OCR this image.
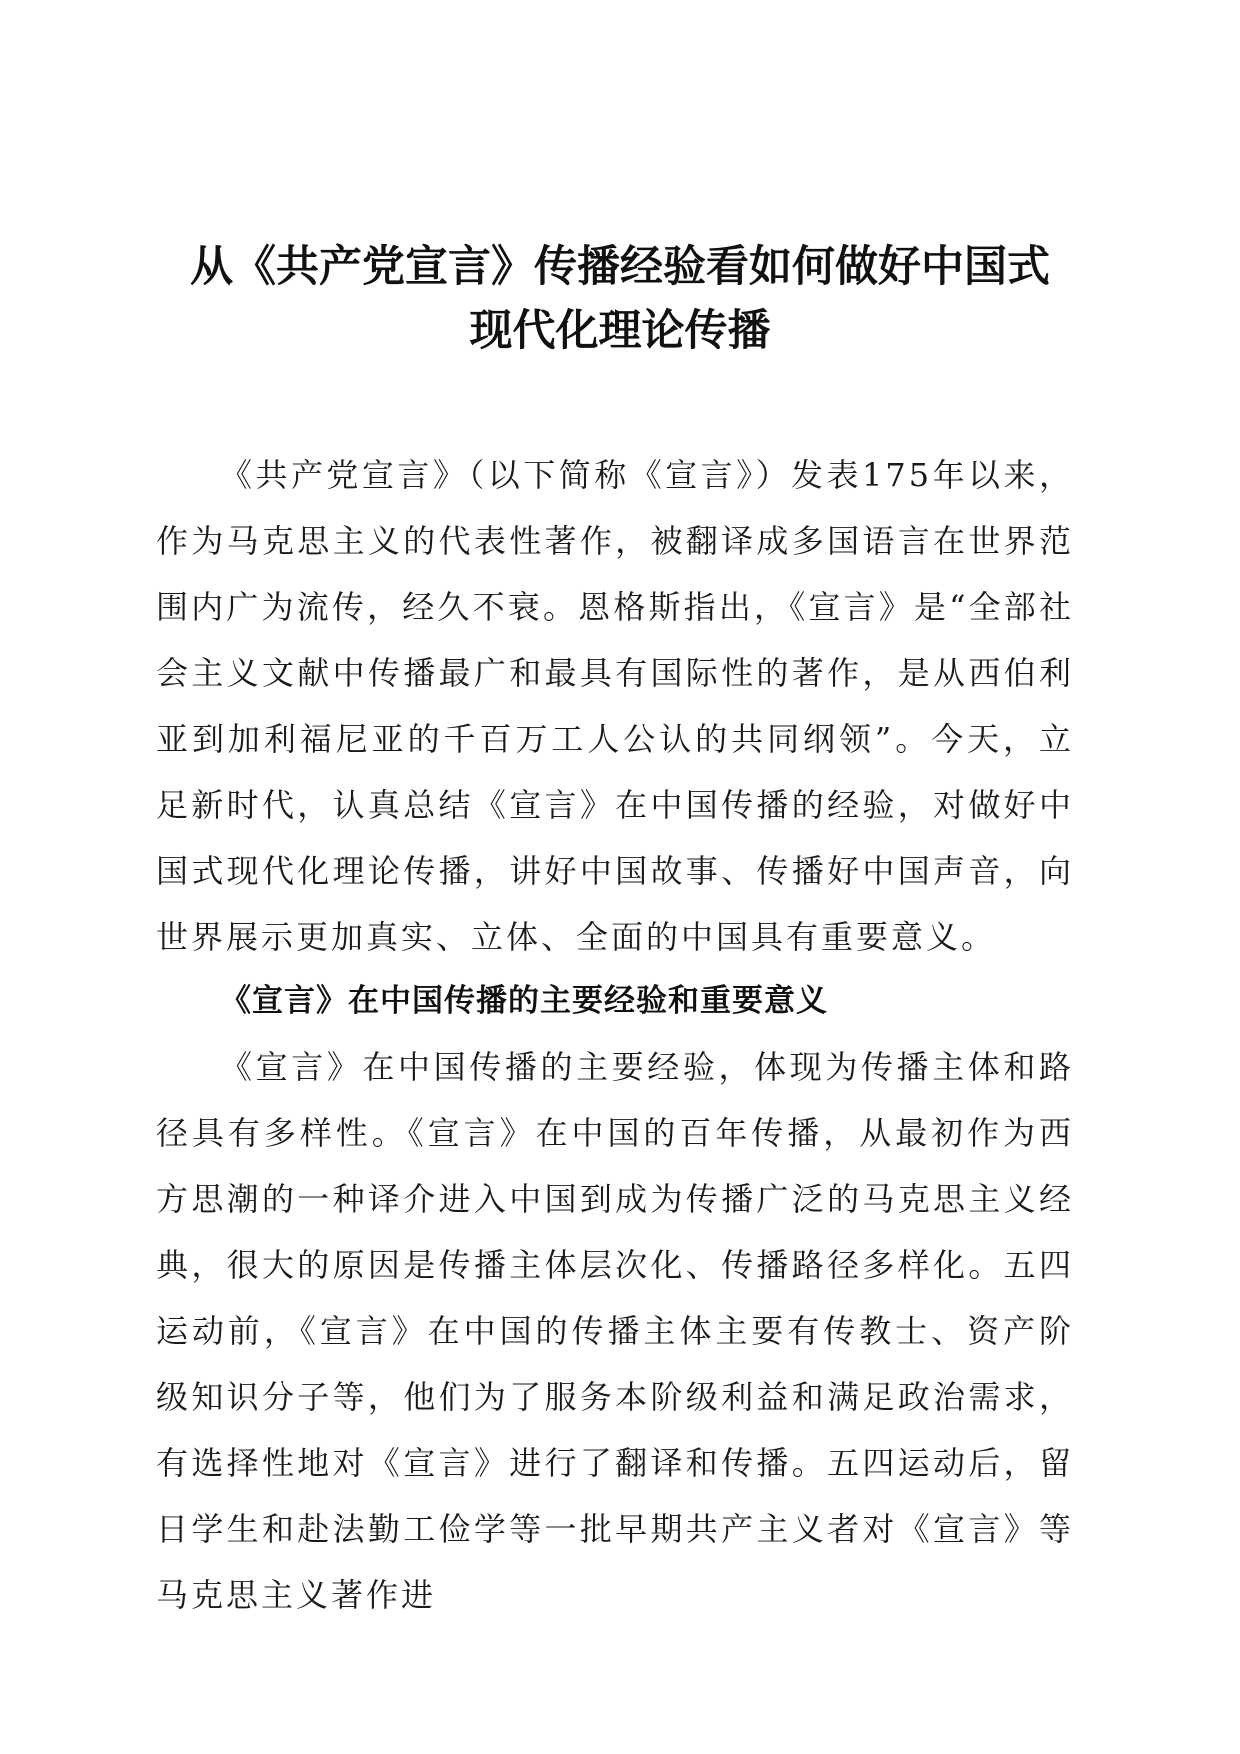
从《共产党宣言》传播经验看如何做好中国式
现代化理论传播

《共产党宣言》（以下简称《宣言》）发表175年以来，作为马克思主义的代表性著作，被翻译成多国语言在世界范围内广为流传，经久不衰。恩格斯指出，《宣言》是“全部社会主义文献中传播最广和最具有国际性的著作，是从西伯利亚到加利福尼亚的千百万工人公认的共同纲领”。今天，立足新时代，认真总结《宣言》在中国传播的经验，对做好中国式现代化理论传播，讲好中国故事、传播好中国声音，向世界展示更加真实、立体、全面的中国具有重要意义。

《宣言》在中国传播的主要经验和重要意义

《宣言》在中国传播的主要经验，体现为传播主体和路径具有多样性。《宣言》在中国的百年传播，从最初作为西方思潮的一种译介进入中国到成为传播广泛的马克思主义经典，很大的原因是传播主体层次化、传播路径多样化。五四运动前，《宣言》在中国的传播主体主要有传教士、资产阶级知识分子等，他们为了服务本阶级利益和满足政治需求，有选择性地对《宣言》进行了翻译和传播。五四运动后，留日学生和赴法勤工俭学等一批早期共产主义者对《宣言》等马克思主义著作进
